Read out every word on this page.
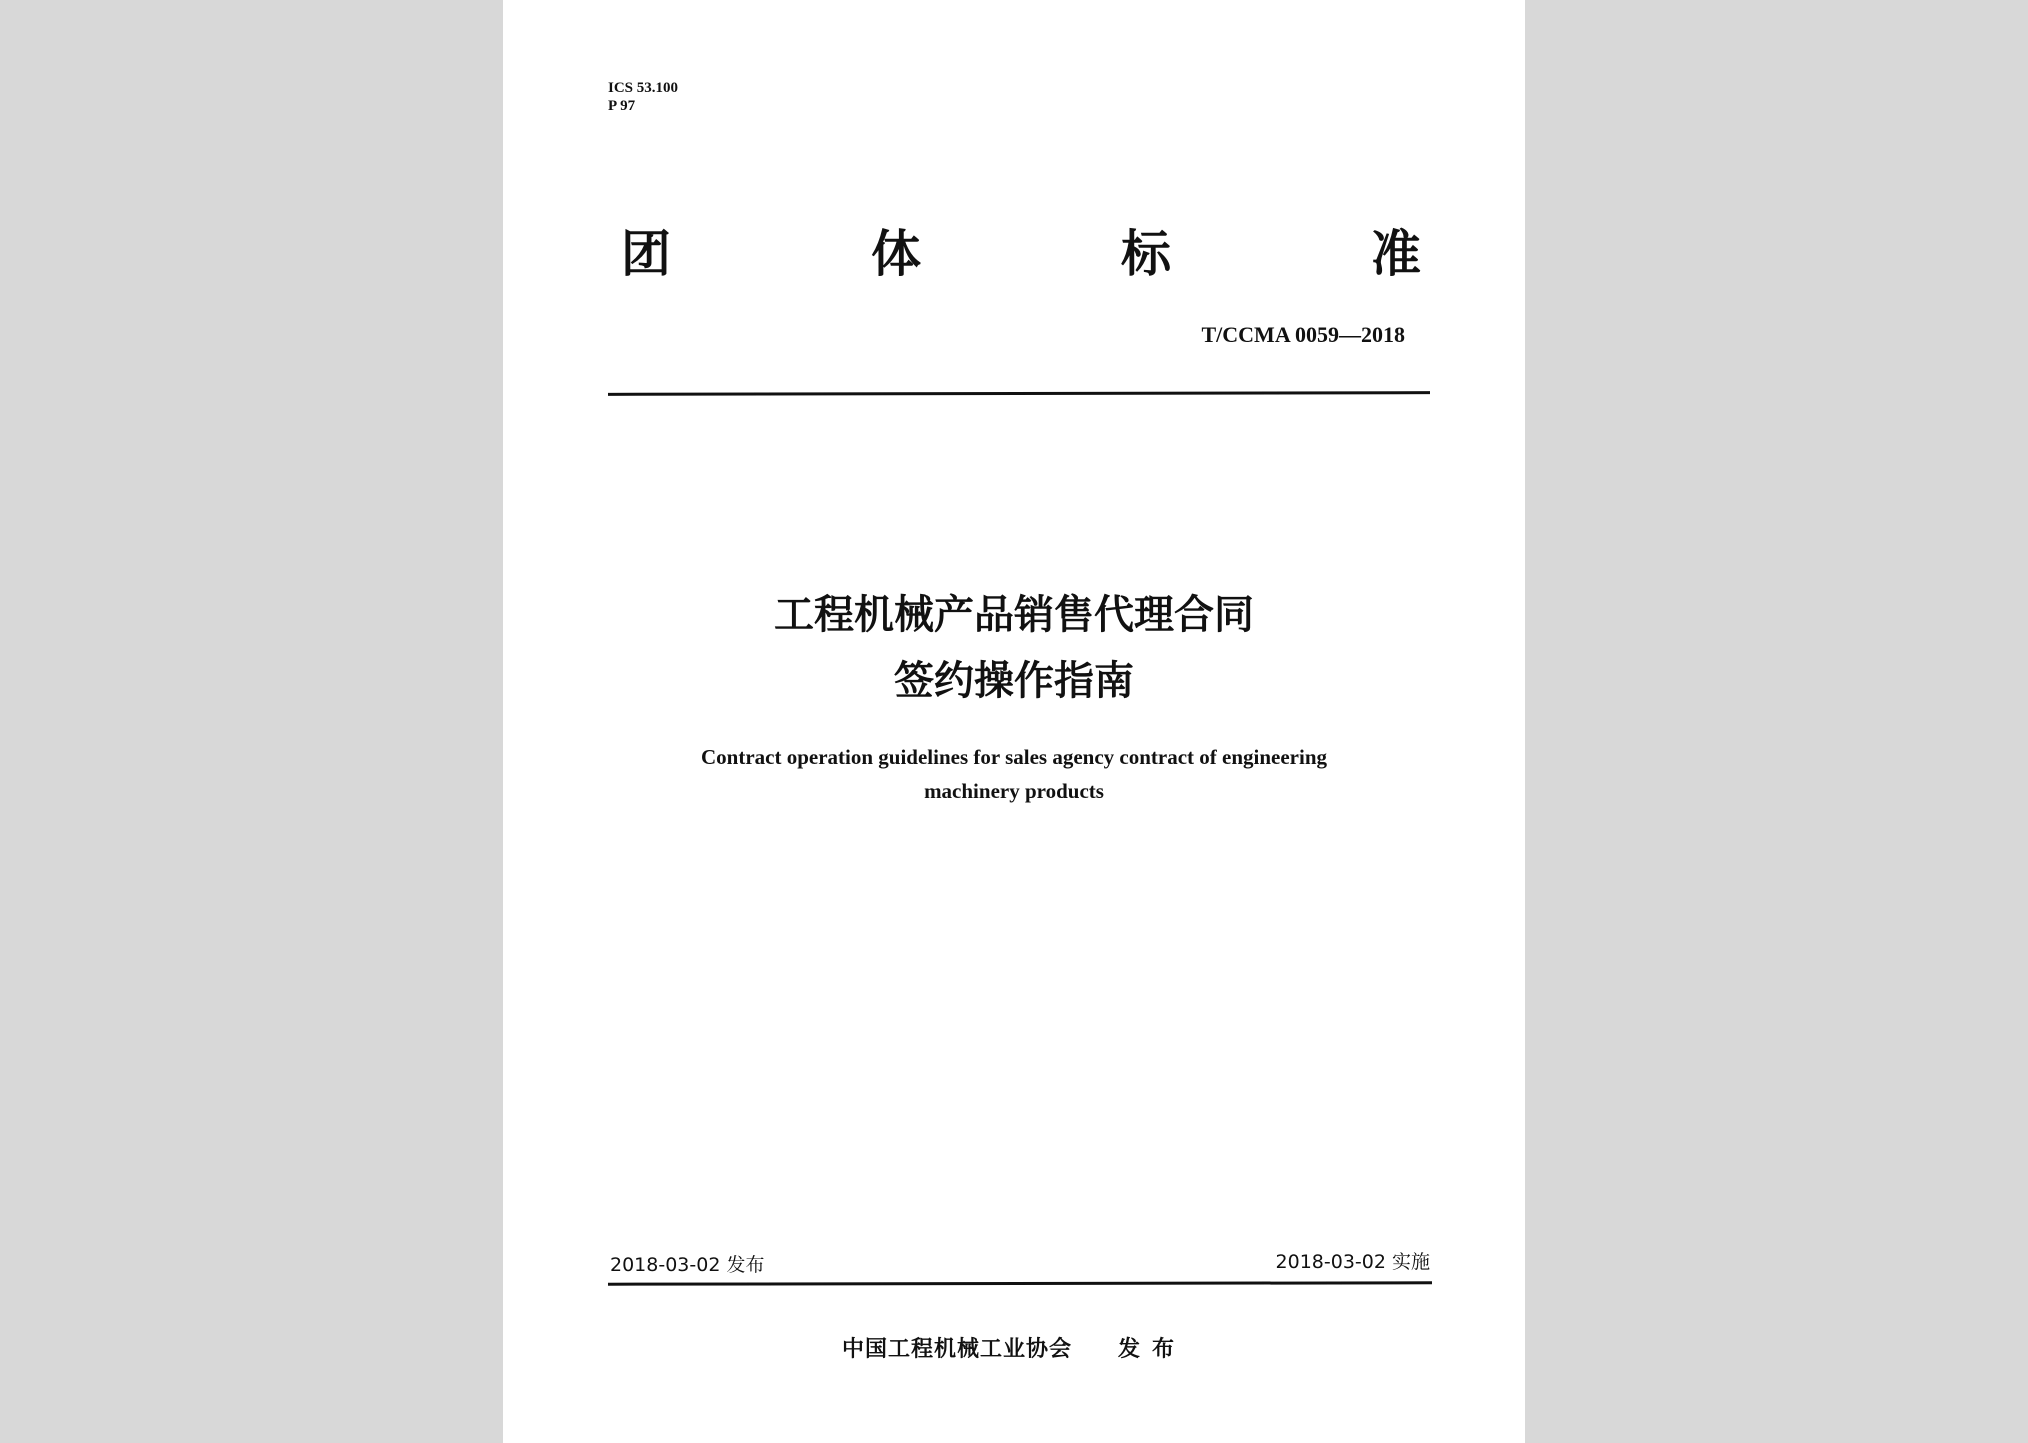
ICS 53.100

P 97

团	体	标	准

T/CCMA 0059—2018

工程机械产品销售代理合同

签约操作指南

Contract operation guidelines for sales agency contract of engineering

machinery products

2018-03-02 发布	2018-03-02 实施

中国工程机械工业协会 发布
